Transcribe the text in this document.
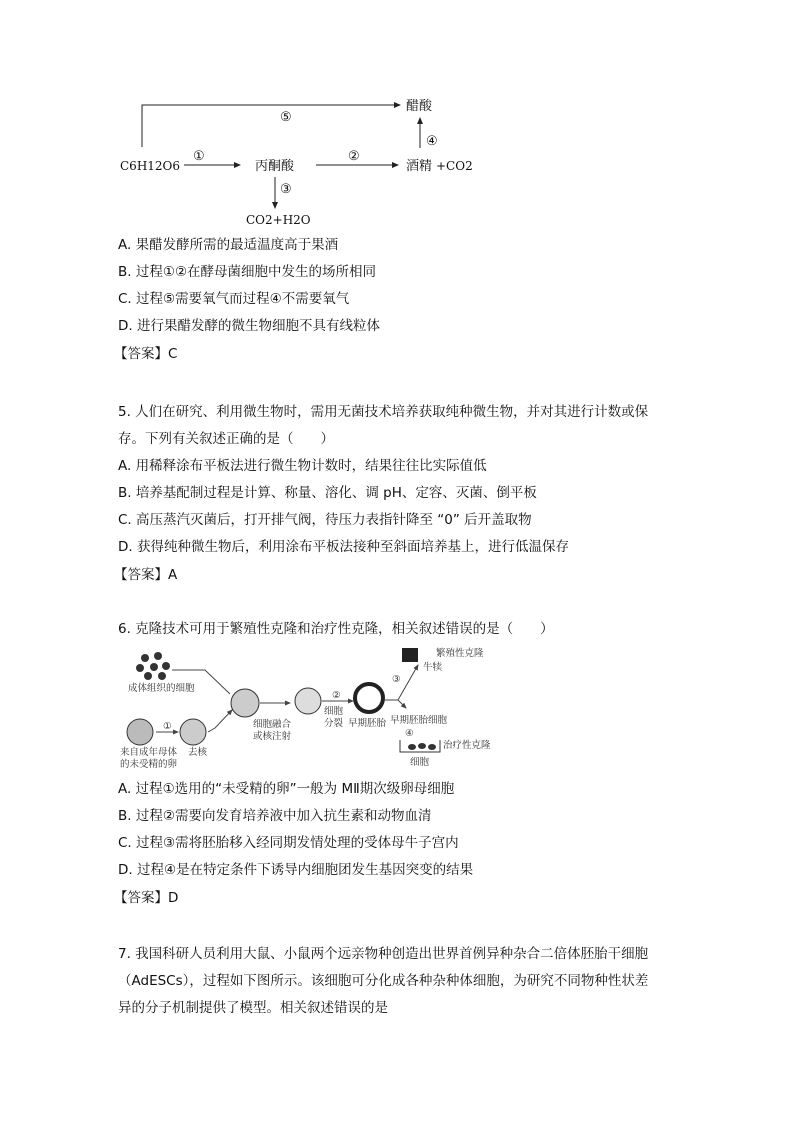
C6H12O6	丙酮酸	酒精 +CO2
醋酸
CO2+H2O
①	②
③
④
⑤
A. 果醋发酵所需的最适温度高于果酒
B. 过程①②在酵母菌细胞中发生的场所相同
C. 过程⑤需要氧气而过程④不需要氧气
D. 进行果醋发酵的微生物细胞不具有线粒体
【答案】C
5. 人们在研究、利用微生物时，需用无菌技术培养获取纯种微生物，并对其进行计数或保
存。下列有关叙述正确的是（　　）
A. 用稀释涂布平板法进行微生物计数时，结果往往比实际值低
B. 培养基配制过程是计算、称量、溶化、调 pH、定容、灭菌、倒平板
C. 高压蒸汽灭菌后，打开排气阀，待压力表指针降至 “0” 后开盖取物
D. 获得纯种微生物后，利用涂布平板法接种至斜面培养基上，进行低温保存
【答案】A
6. 克隆技术可用于繁殖性克隆和治疗性克隆，相关叙述错误的是（　　）
成体组织的细胞
来自成年母体
的未受精的卵
①
去核
细胞融合
或核注射
②
细胞
分裂 早期胚胎
③
牛犊
繁殖性克隆
早期胚胎细胞
④
治疗性克隆
细胞
A. 过程①选用的“未受精的卵”一般为 MⅡ期次级卵母细胞
B. 过程②需要向发育培养液中加入抗生素和动物血清
C. 过程③需将胚胎移入经同期发情处理的受体母牛子宫内
D. 过程④是在特定条件下诱导内细胞团发生基因突变的结果
【答案】D
7. 我国科研人员利用大鼠、小鼠两个远亲物种创造出世界首例异种杂合二倍体胚胎干细胞
（AdESCs），过程如下图所示。该细胞可分化成各种杂种体细胞，为研究不同物种性状差
异的分子机制提供了模型。相关叙述错误的是
